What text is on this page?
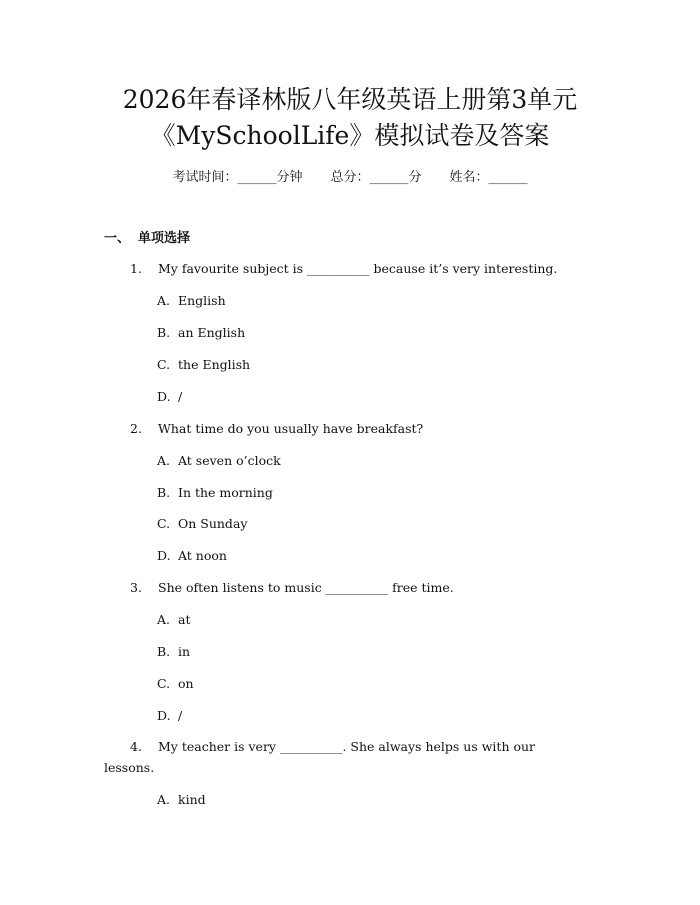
2026年春译林版八年级英语上册第3单元
《MySchoolLife》模拟试卷及答案
考试时间：______分钟 总分：______分 姓名：______
一、 单项选择
1. My favourite subject is __________ because it’s very interesting.
A. English
B. an English
C. the English
D. /
2. What time do you usually have breakfast?
A. At seven o’clock
B. In the morning
C. On Sunday
D. At noon
3. She often listens to music __________ free time.
A. at
B. in
C. on
D. /
4. My teacher is very __________. She always helps us with our
lessons.
A. kind
